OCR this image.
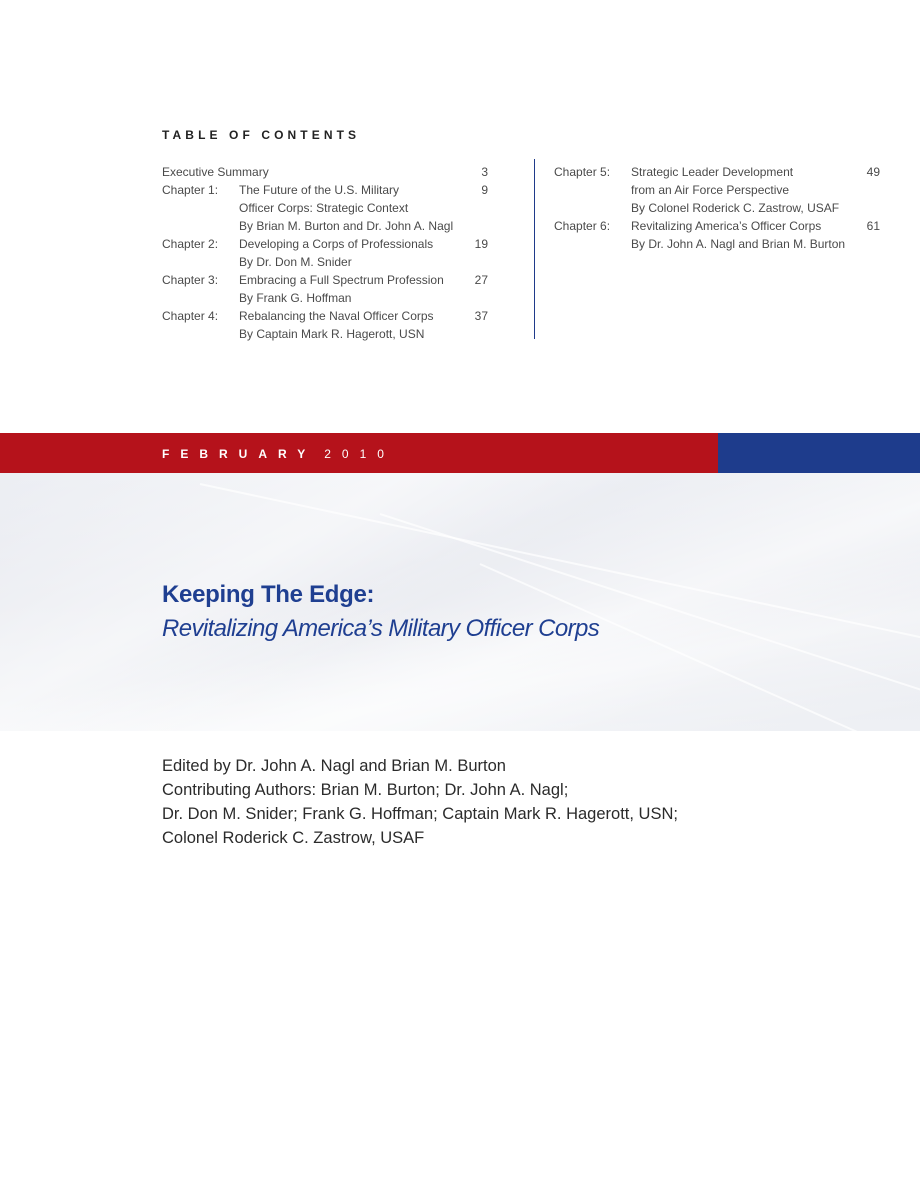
TABLE OF CONTENTS
Executive Summary	3
Chapter 1: The Future of the U.S. Military	9
Officer Corps: Strategic Context
By Brian M. Burton and Dr. John A. Nagl
Chapter 2: Developing a Corps of Professionals	19
By Dr. Don M. Snider
Chapter 3: Embracing a Full Spectrum Profession	27
By Frank G. Hoffman
Chapter 4: Rebalancing the Naval Officer Corps	37
By Captain Mark R. Hagerott, USN
Chapter 5: Strategic Leader Development	49
from an Air Force Perspective
By Colonel Roderick C. Zastrow, USAF
Chapter 6: Revitalizing America’s Officer Corps	61
By Dr. John A. Nagl and Brian M. Burton
FEBRUARY 2010
Keeping The Edge:
Revitalizing America’s Military Officer Corps
Edited by Dr. John A. Nagl and Brian M. Burton
Contributing Authors: Brian M. Burton; Dr. John A. Nagl;
Dr. Don M. Snider; Frank G. Hoffman; Captain Mark R. Hagerott, USN;
Colonel Roderick C. Zastrow, USAF
